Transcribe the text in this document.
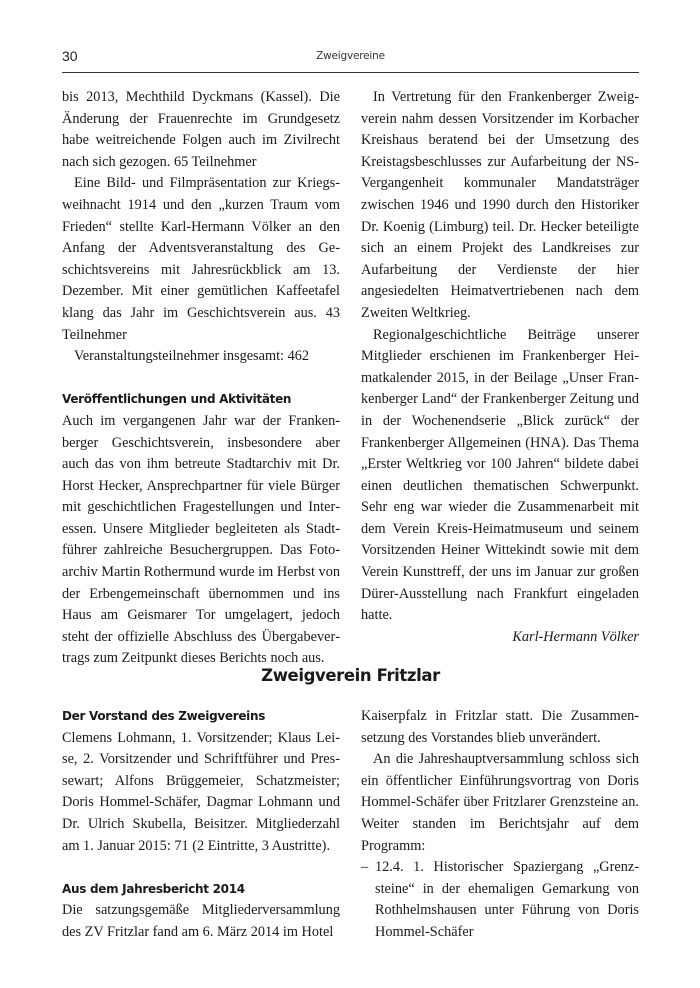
30	Zweigvereine

bis 2013, Mechthild Dyckmans (Kassel). Die Änderung der Frauenrechte im Grundgesetz habe weitreichende Folgen auch im Zivilrecht nach sich gezogen. 65 Teilnehmer

Eine Bild- und Filmpräsentation zur Kriegsweihnacht 1914 und den „kurzen Traum vom Frieden“ stellte Karl-Hermann Völker an den Anfang der Adventsveranstaltung des Geschichtsvereins mit Jahresrückblick am 13. Dezember. Mit einer gemütlichen Kaffeetafel klang das Jahr im Geschichtsverein aus. 43 Teilnehmer

Veranstaltungsteilnehmer insgesamt: 462

Veröffentlichungen und Aktivitäten

Auch im vergangenen Jahr war der Frankenberger Geschichtsverein, insbesondere aber auch das von ihm betreute Stadtarchiv mit Dr. Horst Hecker, Ansprechpartner für viele Bürger mit geschichtlichen Fragestellungen und Interessen. Unsere Mitglieder begleiteten als Stadtführer zahlreiche Besuchergruppen. Das Fotoarchiv Martin Rothermund wurde im Herbst von der Erbengemeinschaft übernommen und ins Haus am Geismarer Tor umgelagert, jedoch steht der offizielle Abschluss des Übergabevertrags zum Zeitpunkt dieses Berichts noch aus.

In Vertretung für den Frankenberger Zweigverein nahm dessen Vorsitzender im Korbacher Kreishaus beratend bei der Umsetzung des Kreistagsbeschlusses zur Aufarbeitung der NS-Vergangenheit kommunaler Mandatsträger zwischen 1946 und 1990 durch den Historiker Dr. Koenig (Limburg) teil. Dr. Hecker beteiligte sich an einem Projekt des Landkreises zur Aufarbeitung der Verdienste der hier angesiedelten Heimatvertriebenen nach dem Zweiten Weltkrieg.

Regionalgeschichtliche Beiträge unserer Mitglieder erschienen im Frankenberger Heimatkalender 2015, in der Beilage „Unser Frankenberger Land“ der Frankenberger Zeitung und in der Wochenendserie „Blick zurück“ der Frankenberger Allgemeinen (HNA). Das Thema „Erster Weltkrieg vor 100 Jahren“ bildete dabei einen deutlichen thematischen Schwerpunkt. Sehr eng war wieder die Zusammenarbeit mit dem Verein Kreis-Heimatmuseum und seinem Vorsitzenden Heiner Wittekindt sowie mit dem Verein Kunsttreff, der uns im Januar zur großen Dürer-Ausstellung nach Frankfurt eingeladen hatte.

Karl-Hermann Völker

Zweigverein Fritzlar
Der Vorstand des Zweigvereins

Clemens Lohmann, 1. Vorsitzender; Klaus Leise, 2. Vorsitzender und Schriftführer und Pressewart; Alfons Brüggemeier, Schatzmeister; Doris Hommel-Schäfer, Dagmar Lohmann und Dr. Ulrich Skubella, Beisitzer. Mitgliederzahl am 1. Januar 2015: 71 (2 Eintritte, 3 Austritte).

Aus dem Jahresbericht 2014

Die satzungsgemäße Mitgliederversammlung des ZV Fritzlar fand am 6. März 2014 im Hotel

Kaiserpfalz in Fritzlar statt. Die Zusammensetzung des Vorstandes blieb unverändert.

An die Jahreshauptversammlung schloss sich ein öffentlicher Einführungsvortrag von Doris Hommel-Schäfer über Fritzlarer Grenzsteine an. Weiter standen im Berichtsjahr auf dem Programm:

– 12.4. 1. Historischer Spaziergang „Grenzsteine“ in der ehemaligen Gemarkung von Rothhelmshausen unter Führung von Doris Hommel-Schäfer
